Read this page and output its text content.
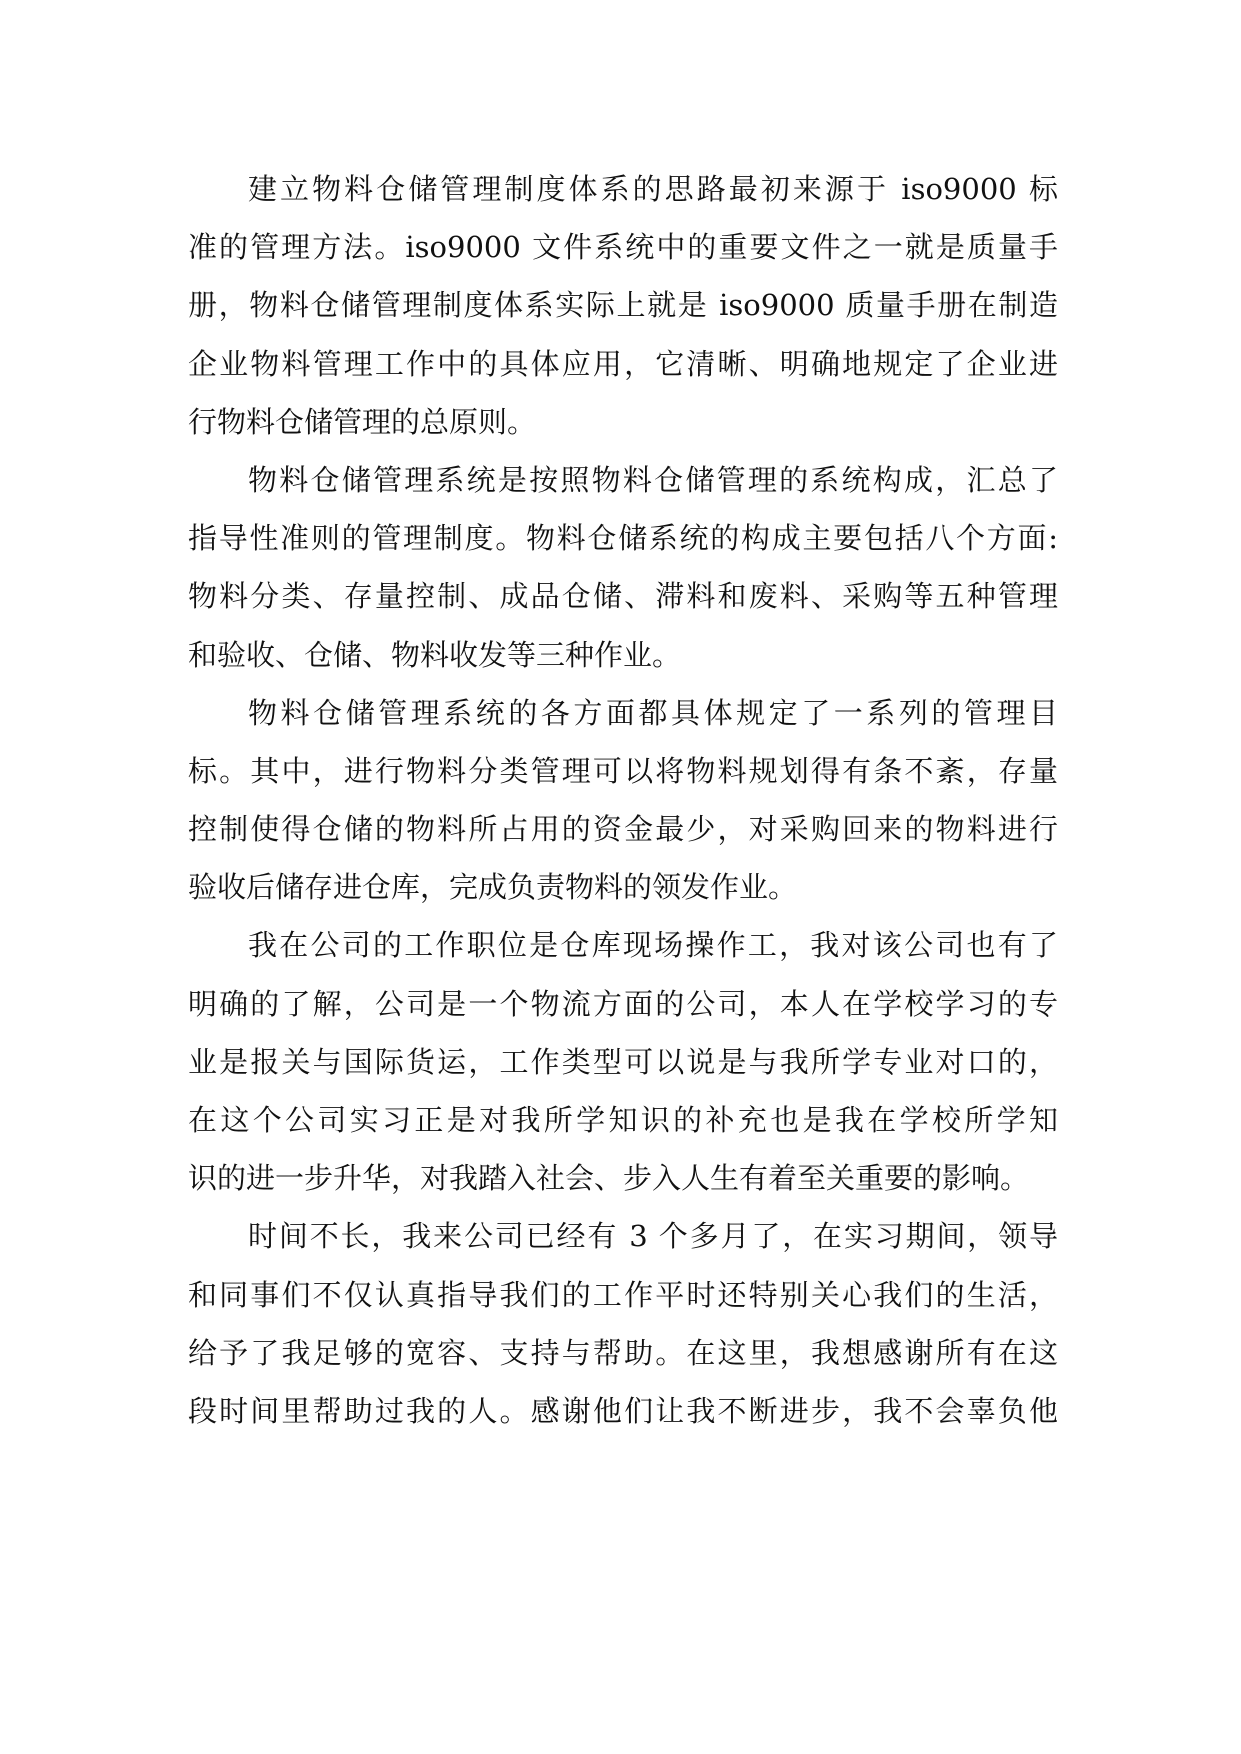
建立物料仓储管理制度体系的思路最初来源于 iso9000 标
准的管理方法。iso9000 文件系统中的重要文件之一就是质量手
册，物料仓储管理制度体系实际上就是 iso9000 质量手册在制造
企业物料管理工作中的具体应用，它清晰、明确地规定了企业进
行物料仓储管理的总原则。
物料仓储管理系统是按照物料仓储管理的系统构成，汇总了
指导性准则的管理制度。物料仓储系统的构成主要包括八个方面:
物料分类、存量控制、成品仓储、滞料和废料、采购等五种管理
和验收、仓储、物料收发等三种作业。
物料仓储管理系统的各方面都具体规定了一系列的管理目
标。其中，进行物料分类管理可以将物料规划得有条不紊，存量
控制使得仓储的物料所占用的资金最少，对采购回来的物料进行
验收后储存进仓库，完成负责物料的领发作业。
我在公司的工作职位是仓库现场操作工，我对该公司也有了
明确的了解，公司是一个物流方面的公司，本人在学校学习的专
业是报关与国际货运，工作类型可以说是与我所学专业对口的，
在这个公司实习正是对我所学知识的补充也是我在学校所学知
识的进一步升华，对我踏入社会、步入人生有着至关重要的影响。
时间不长，我来公司已经有 3 个多月了，在实习期间，领导
和同事们不仅认真指导我们的工作平时还特别关心我们的生活，
给予了我足够的宽容、支持与帮助。在这里，我想感谢所有在这
段时间里帮助过我的人。感谢他们让我不断进步，我不会辜负他
